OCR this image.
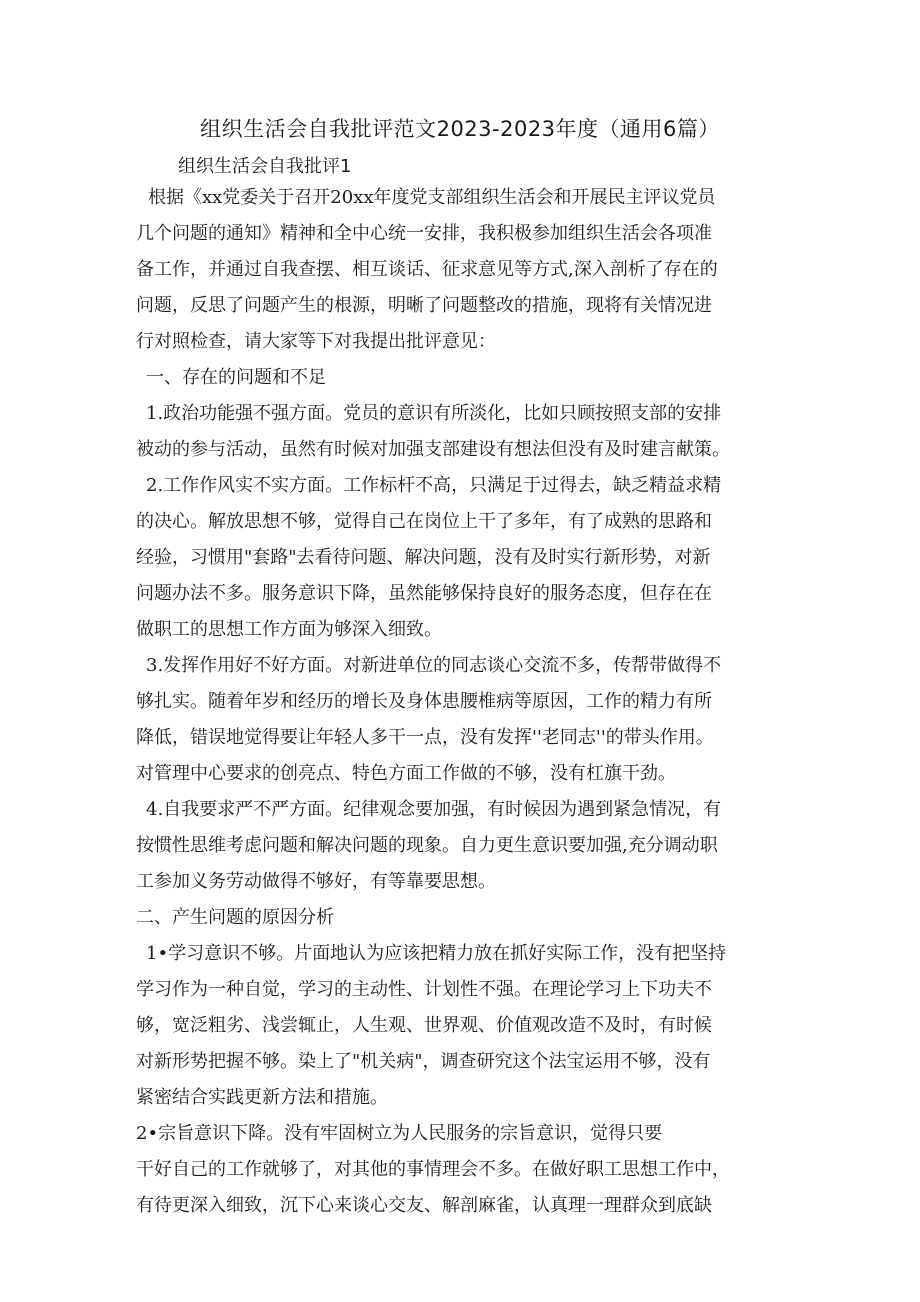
组织生活会自我批评范文2023-2023年度（通用6篇）
组织生活会自我批评1
根据《xx党委关于召开20xx年度党支部组织生活会和开展民主评议党员
几个问题的通知》精神和全中心统一安排，我积极参加组织生活会各项准
备工作，并通过自我查摆、相互谈话、征求意见等方式,深入剖析了存在的
问题，反思了问题产生的根源，明晰了问题整改的措施，现将有关情况进
行对照检查，请大家等下对我提出批评意见：
一、存在的问题和不足
1.政治功能强不强方面。党员的意识有所淡化，比如只顾按照支部的安排
被动的参与活动，虽然有时候对加强支部建设有想法但没有及时建言献策。
2.工作作风实不实方面。工作标杆不高，只满足于过得去，缺乏精益求精
的决心。解放思想不够，觉得自己在岗位上干了多年，有了成熟的思路和
经验，习惯用"套路"去看待问题、解决问题，没有及时实行新形势，对新
问题办法不多。服务意识下降，虽然能够保持良好的服务态度，但存在在
做职工的思想工作方面为够深入细致。
3.发挥作用好不好方面。对新进单位的同志谈心交流不多，传帮带做得不
够扎实。随着年岁和经历的增长及身体患腰椎病等原因，工作的精力有所
降低，错误地觉得要让年轻人多干一点，没有发挥''老同志''的带头作用。
对管理中心要求的创亮点、特色方面工作做的不够，没有杠旗干劲。
4.自我要求严不严方面。纪律观念要加强，有时候因为遇到紧急情况，有
按惯性思维考虑问题和解决问题的现象。自力更生意识要加强,充分调动职
工参加义务劳动做得不够好，有等靠要思想。
二、产生问题的原因分析
1•学习意识不够。片面地认为应该把精力放在抓好实际工作，没有把坚持
学习作为一种自觉，学习的主动性、计划性不强。在理论学习上下功夫不
够，宽泛粗劣、浅尝辄止，人生观、世界观、价值观改造不及时，有时候
对新形势把握不够。染上了"机关病"，调查研究这个法宝运用不够，没有
紧密结合实践更新方法和措施。
2•宗旨意识下降。没有牢固树立为人民服务的宗旨意识，觉得只要
干好自己的工作就够了，对其他的事情理会不多。在做好职工思想工作中，
有待更深入细致，沉下心来谈心交友、解剖麻雀，认真理一理群众到底缺
